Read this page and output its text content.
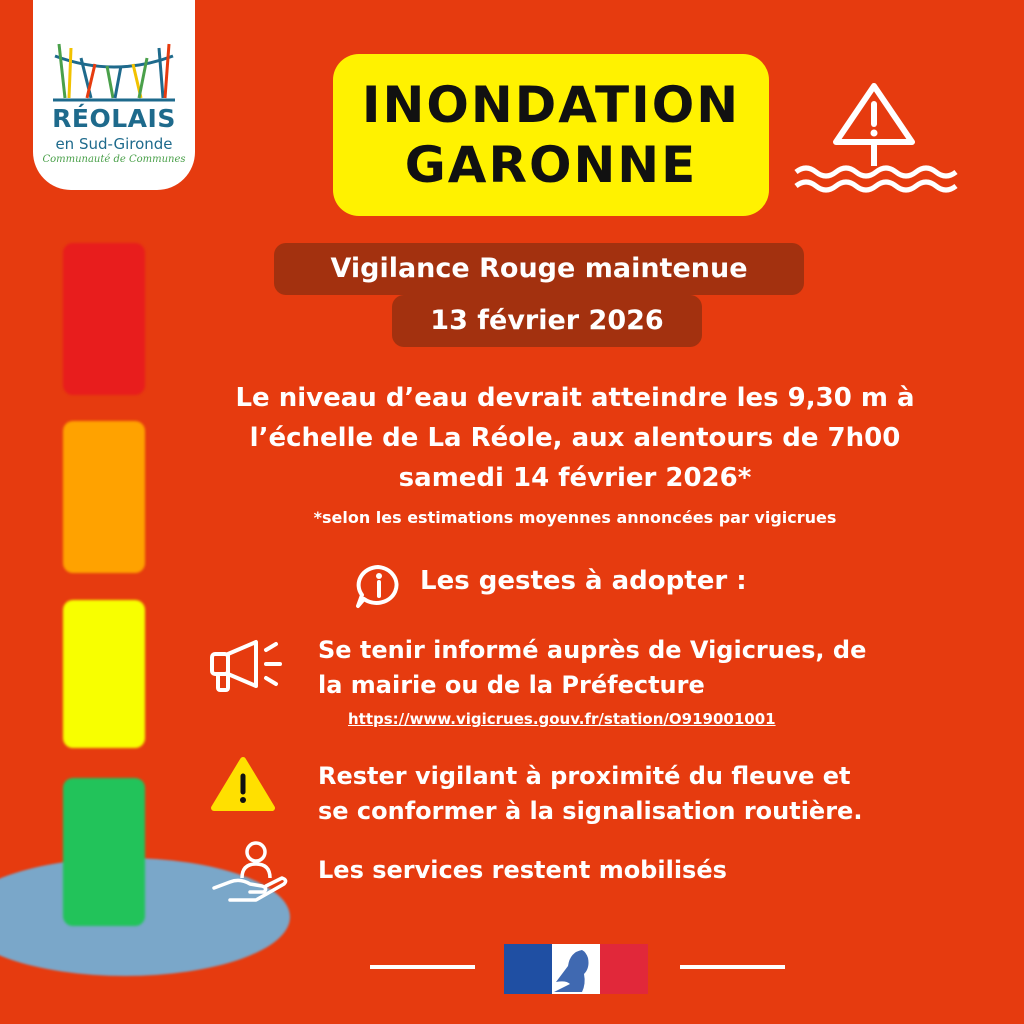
RÉOLAIS
en Sud-Gironde
Communauté de Communes
INONDATION
GARONNE
Vigilance Rouge maintenue
13 février 2026
Le niveau d’eau devrait atteindre les 9,30 m à
l’échelle de La Réole, aux alentours de 7h00
samedi 14 février 2026*
*selon les estimations moyennes annoncées par vigicrues
Les gestes à adopter :
Se tenir informé auprès de Vigicrues, de
la mairie ou de la Préfecture
https://www.vigicrues.gouv.fr/station/O919001001
Rester vigilant à proximité du fleuve et
se conformer à la signalisation routière.
Les services restent mobilisés
